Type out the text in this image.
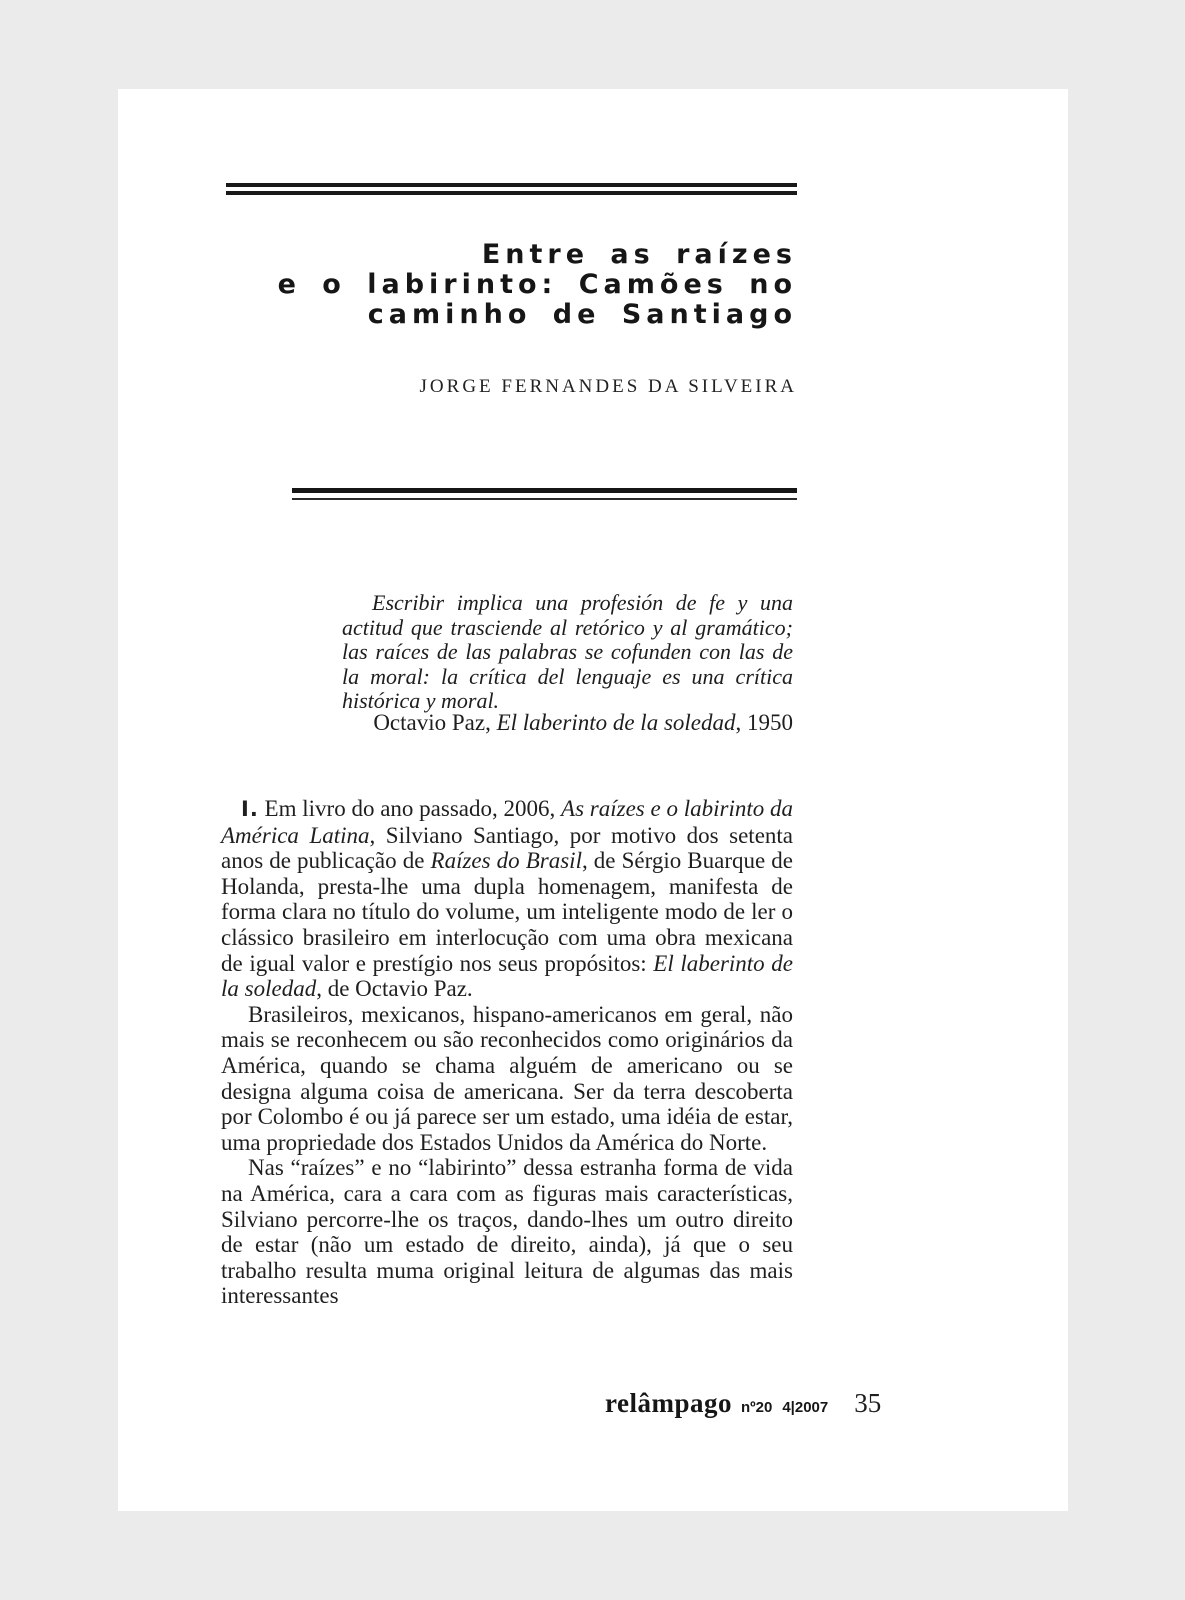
Entre as raízes
e o labirinto: Camões no
caminho de Santiago
JORGE FERNANDES DA SILVEIRA
Escribir implica una profesión de fe y una actitud que trasciende al retórico y al gramático; las raíces de las palabras se cofunden con las de la moral: la crítica del lenguaje es una crítica histórica y moral.
Octavio Paz, El laberinto de la soledad, 1950

I. Em livro do ano passado, 2006, As raízes e o labirinto da América Latina, Silviano Santiago, por motivo dos setenta anos de publicação de Raízes do Brasil, de Sérgio Buarque de Holanda, presta-lhe uma dupla homenagem, manifesta de forma clara no título do volume, um inteligente modo de ler o clássico brasileiro em interlocução com uma obra mexicana de igual valor e prestígio nos seus propósitos: El laberinto de la soledad, de Octavio Paz.

Brasileiros, mexicanos, hispano-americanos em geral, não mais se reconhecem ou são reconhecidos como originários da América, quando se chama alguém de americano ou se designa alguma coisa de americana. Ser da terra descoberta por Colombo é ou já parece ser um estado, uma idéia de estar, uma propriedade dos Estados Unidos da América do Norte.

Nas “raízes” e no “labirinto” dessa estranha forma de vida na América, cara a cara com as figuras mais características, Silviano percorre-lhe os traços, dando-lhes um outro direito de estar (não um estado de direito, ainda), já que o seu trabalho resulta muma original leitura de algumas das mais interessantes

relâmpago nº20 4|2007 35
